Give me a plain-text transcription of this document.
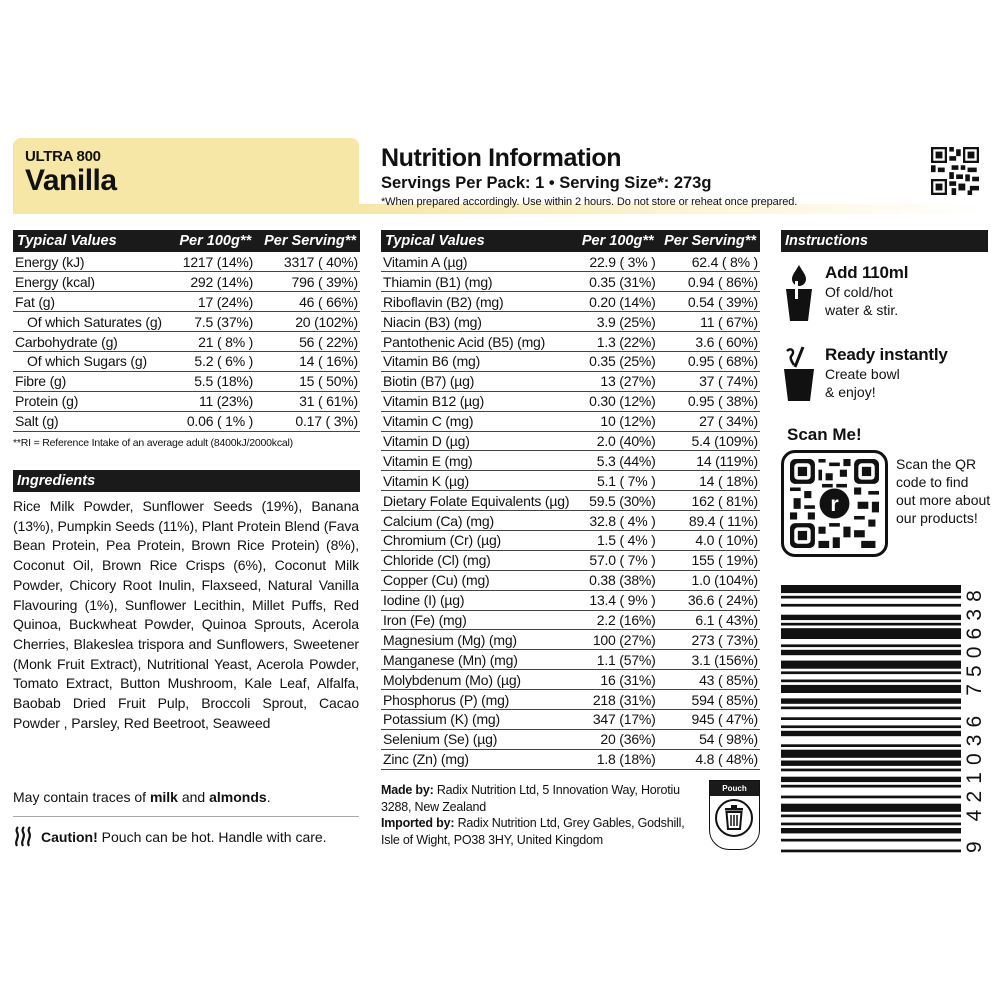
ULTRA 800
Vanilla
Nutrition Information
Servings Per Pack: 1 • Serving Size*: 273g
*When prepared accordingly. Use within 2 hours. Do not store or reheat once prepared.
Typical Values	Per 100g**	Per Serving**
Energy (kJ)	1217 (14%)	3317 ( 40%)
Energy (kcal)	292 (14%)	796 ( 39%)
Fat (g)	17 (24%)	46 ( 66%)
Of which Saturates (g)	7.5 (37%)	20 (102%)
Carbohydrate (g)	21 ( 8% )	56 ( 22%)
Of which Sugars (g)	5.2 ( 6% )	14 ( 16%)
Fibre (g)	5.5 (18%)	15 ( 50%)
Protein (g)	11 (23%)	31 ( 61%)
Salt (g)	0.06 ( 1% )	0.17 ( 3%)
**RI = Reference Intake of an average adult (8400kJ/2000kcal)
Typical Values	Per 100g**	Per Serving**
Vitamin A (µg)	22.9 ( 3% )	62.4 ( 8% )
Thiamin (B1) (mg)	0.35 (31%)	0.94 ( 86%)
Riboflavin (B2) (mg)	0.20 (14%)	0.54 ( 39%)
Niacin (B3) (mg)	3.9 (25%)	11 ( 67%)
Pantothenic Acid (B5) (mg)	1.3 (22%)	3.6 ( 60%)
Vitamin B6 (mg)	0.35 (25%)	0.95 ( 68%)
Biotin (B7) (µg)	13 (27%)	37 ( 74%)
Vitamin B12 (µg)	0.30 (12%)	0.95 ( 38%)
Vitamin C (mg)	10 (12%)	27 ( 34%)
Vitamin D (µg)	2.0 (40%)	5.4 (109%)
Vitamin E (mg)	5.3 (44%)	14 (119%)
Vitamin K (µg)	5.1 ( 7% )	14 ( 18%)
Dietary Folate Equivalents (µg)	59.5 (30%)	162 ( 81%)
Calcium (Ca) (mg)	32.8 ( 4% )	89.4 ( 11%)
Chromium (Cr) (µg)	1.5 ( 4% )	4.0 ( 10%)
Chloride (Cl) (mg)	57.0 ( 7% )	155 ( 19%)
Copper (Cu) (mg)	0.38 (38%)	1.0 (104%)
Iodine (I) (µg)	13.4 ( 9% )	36.6 ( 24%)
Iron (Fe) (mg)	2.2 (16%)	6.1 ( 43%)
Magnesium (Mg) (mg)	100 (27%)	273 ( 73%)
Manganese (Mn) (mg)	1.1 (57%)	3.1 (156%)
Molybdenum (Mo) (µg)	16 (31%)	43 ( 85%)
Phosphorus (P) (mg)	218 (31%)	594 ( 85%)
Potassium (K) (mg)	347 (17%)	945 ( 47%)
Selenium (Se) (µg)	20 (36%)	54 ( 98%)
Zinc (Zn) (mg)	1.8 (18%)	4.8 ( 48%)
Ingredients
Rice Milk Powder, Sunflower Seeds (19%), Banana (13%), Pumpkin Seeds (11%), Plant Protein Blend (Fava Bean Protein, Pea Protein, Brown Rice Protein) (8%), Coconut Oil, Brown Rice Crisps (6%), Coconut Milk Powder, Chicory Root Inulin, Flaxseed, Natural Vanilla Flavouring (1%), Sunflower Lecithin, Millet Puffs, Red Quinoa, Buckwheat Powder, Quinoa Sprouts, Acerola Cherries, Blakeslea trispora and Sunflowers, Sweetener (Monk Fruit Extract), Nutritional Yeast, Acerola Powder, Tomato Extract, Button Mushroom, Kale Leaf, Alfalfa, Baobab Dried Fruit Pulp, Broccoli Sprout, Cacao Powder , Parsley, Red Beetroot, Seaweed
May contain traces of milk and almonds.
Caution! Pouch can be hot. Handle with care.
Instructions
Add 110ml
Of cold/hot
water & stir.
Ready instantly
Create bowl
& enjoy!
Scan Me!
r
Scan the QR code to find out more about our products!
9 421036 750638
Made by: Radix Nutrition Ltd, 5 Innovation Way, Horotiu 3288, New Zealand
Imported by: Radix Nutrition Ltd, Grey Gables, Godshill, Isle of Wight, PO38 3HY, United Kingdom
Pouch
